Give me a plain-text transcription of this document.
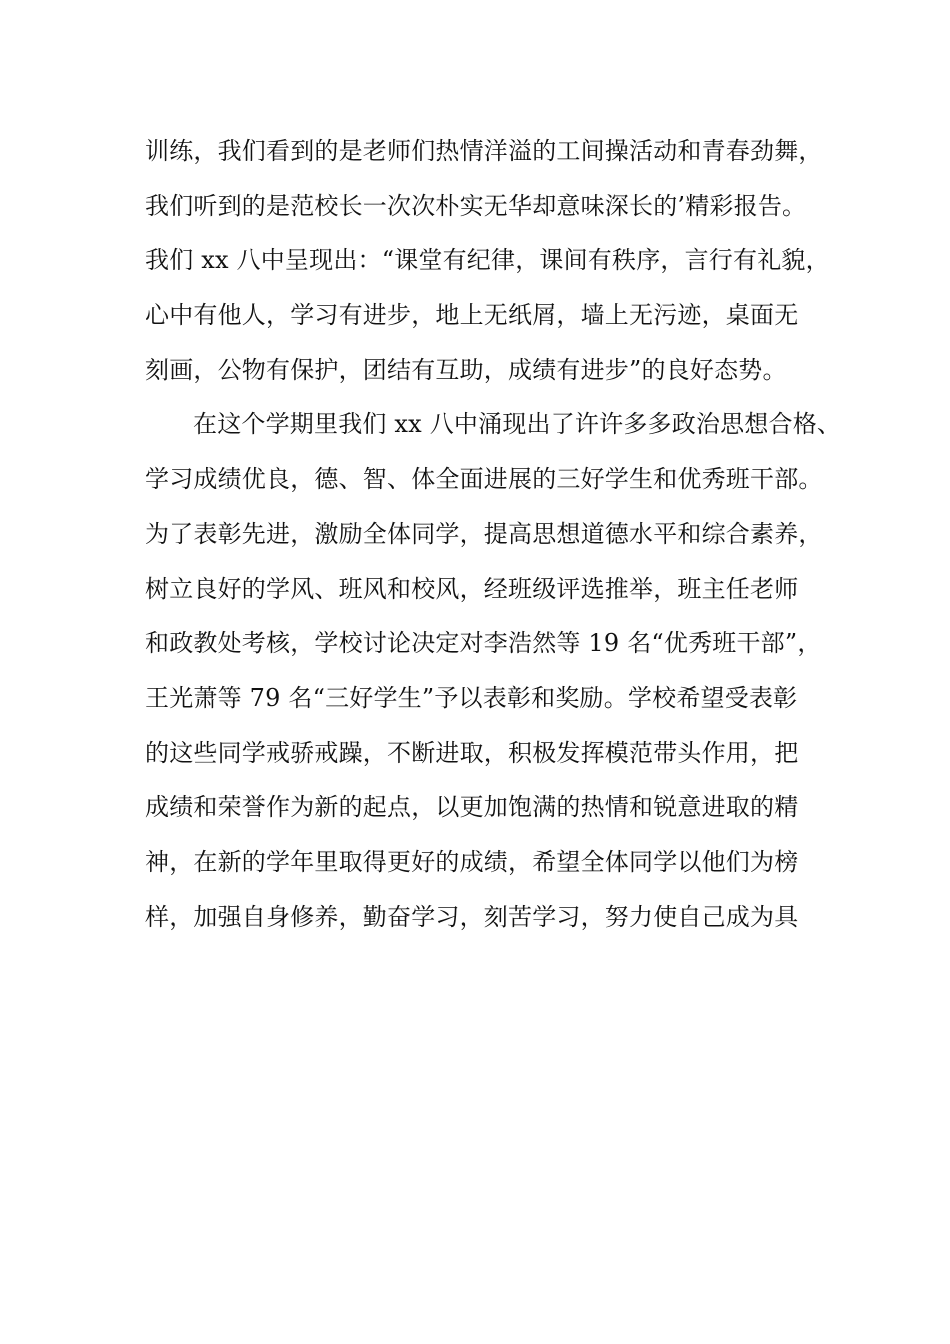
训练，我们看到的是老师们热情洋溢的工间操活动和青春劲舞，
我们听到的是范校长一次次朴实无华却意味深长的’精彩报告。
我们 xx 八中呈现出：“课堂有纪律，课间有秩序，言行有礼貌，
心中有他人，学习有进步，地上无纸屑，墙上无污迹，桌面无
刻画，公物有保护，团结有互助，成绩有进步”的良好态势。
在这个学期里我们 xx 八中涌现出了许许多多政治思想合格、
学习成绩优良，德、智、体全面进展的三好学生和优秀班干部。
为了表彰先进，激励全体同学，提高思想道德水平和综合素养，
树立良好的学风、班风和校风，经班级评选推举，班主任老师
和政教处考核，学校讨论决定对李浩然等 19 名“优秀班干部”，
王光萧等 79 名“三好学生”予以表彰和奖励。学校希望受表彰
的这些同学戒骄戒躁，不断进取，积极发挥模范带头作用，把
成绩和荣誉作为新的起点，以更加饱满的热情和锐意进取的精
神，在新的学年里取得更好的成绩，希望全体同学以他们为榜
样，加强自身修养，勤奋学习，刻苦学习，努力使自己成为具
